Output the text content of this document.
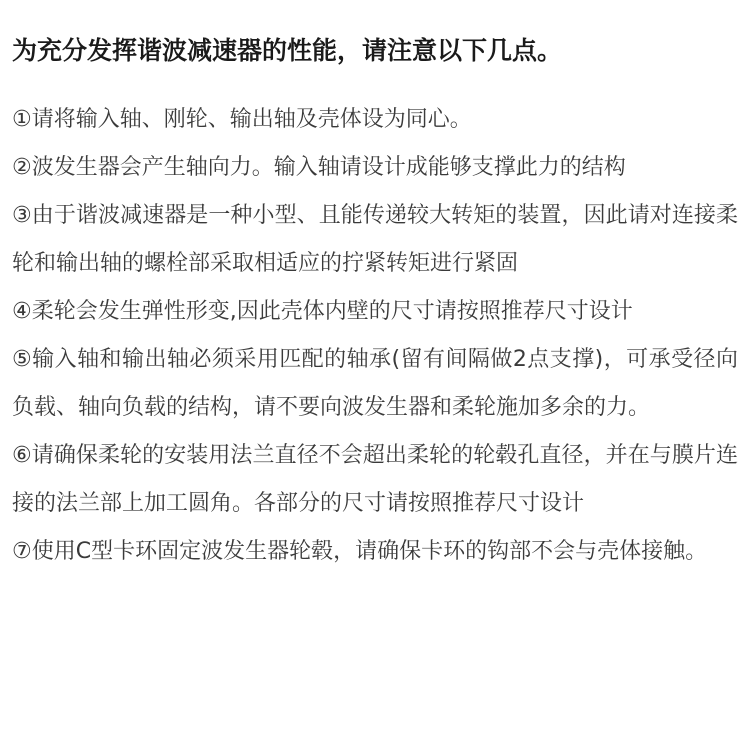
为充分发挥谐波减速器的性能，请注意以下几点。
①请将输入轴、刚轮、输出轴及壳体设为同心。
②波发生器会产生轴向力。输入轴请设计成能够支撑此力的结构
③由于谐波减速器是一种小型、且能传递较大转矩的装置，因此请对连接柔轮和输出轴的螺栓部采取相适应的拧紧转矩进行紧固
④柔轮会发生弹性形变,因此壳体内壁的尺寸请按照推荐尺寸设计
⑤输入轴和输出轴必须采用匹配的轴承(留有间隔做2点支撑)，可承受径向负载、轴向负载的结构，请不要向波发生器和柔轮施加多余的力。
⑥请确保柔轮的安装用法兰直径不会超出柔轮的轮毂孔直径，并在与膜片连接的法兰部上加工圆角。各部分的尺寸请按照推荐尺寸设计
⑦使用C型卡环固定波发生器轮毂，请确保卡环的钩部不会与壳体接触。
